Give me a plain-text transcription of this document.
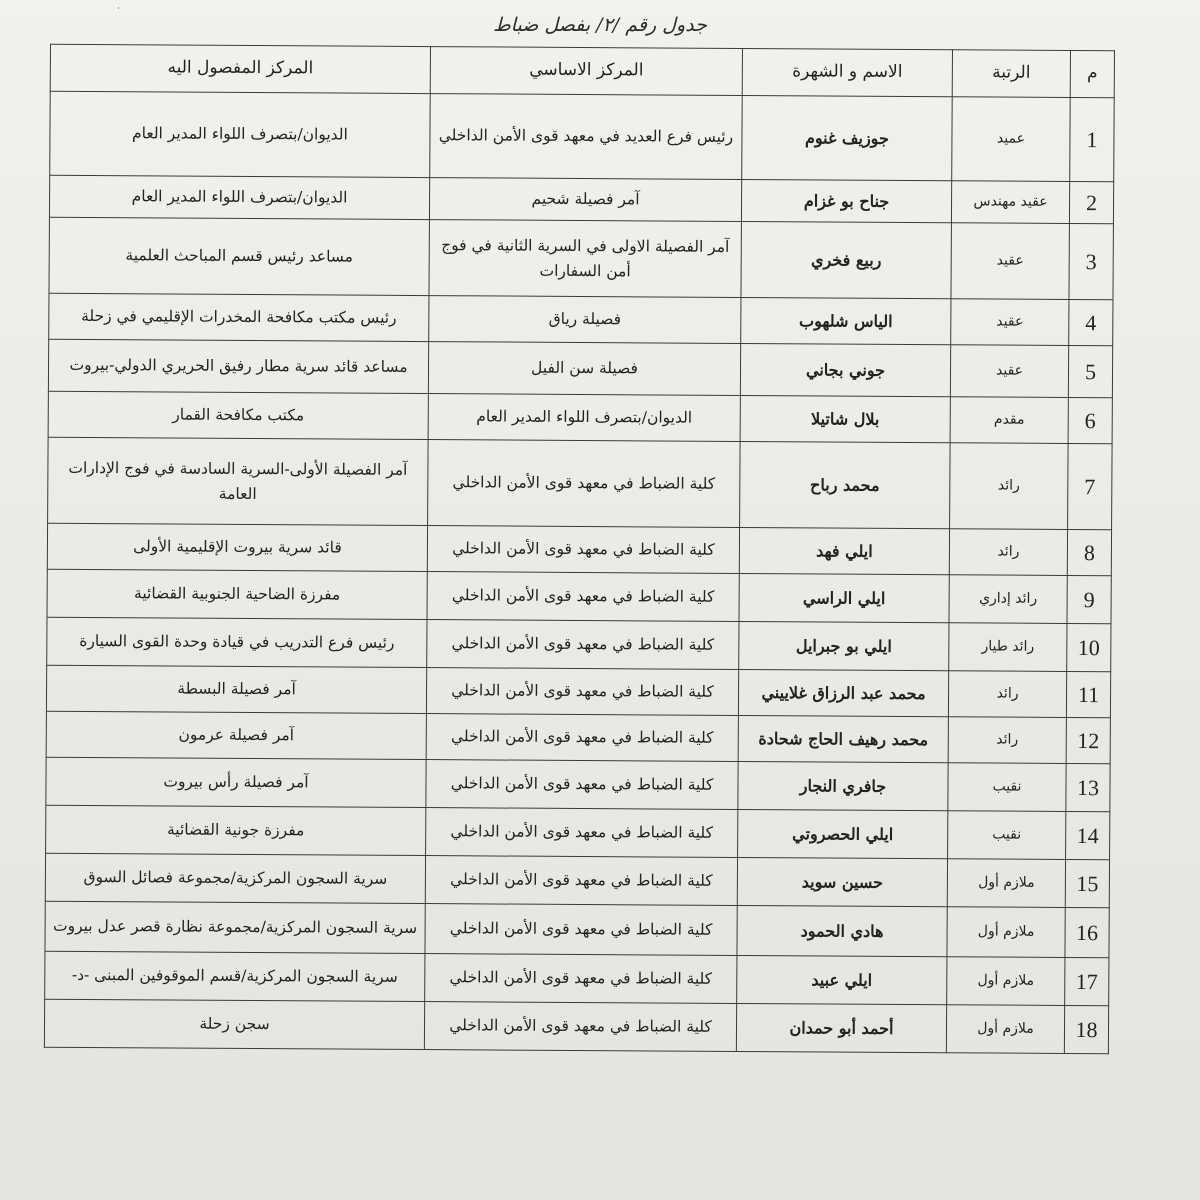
˙
جدول رقم /٢/ بفصل ضباط
م	الرتبة	الاسم و الشهرة	المركز الاساسي	المركز المفصول اليه
1	عميد	جوزيف غنوم	رئيس فرع العديد في معهد قوى الأمن الداخلي	الديوان/بتصرف اللواء المدير العام
2	عقيد مهندس	جناح بو غزام	آمر فصيلة شحيم	الديوان/بتصرف اللواء المدير العام
3	عقيد	ربيع فخري	آمر الفصيلة الاولى في السرية الثانية في فوج أمن السفارات	مساعد رئيس قسم المباحث العلمية
4	عقيد	الياس شلهوب	فصيلة رياق	رئيس مكتب مكافحة المخدرات الإقليمي في زحلة
5	عقيد	جوني بجاني	فصيلة سن الفيل	مساعد قائد سرية مطار رفيق الحريري الدولي-بيروت
6	مقدم	بلال شاتيلا	الديوان/بتصرف اللواء المدير العام	مكتب مكافحة القمار
7	رائد	محمد رباح	كلية الضباط في معهد قوى الأمن الداخلي	آمر الفصيلة الأولى-السرية السادسة في فوج الإدارات العامة
8	رائد	ايلي فهد	كلية الضباط في معهد قوى الأمن الداخلي	قائد سرية بيروت الإقليمية الأولى
9	رائد إداري	ايلي الراسي	كلية الضباط في معهد قوى الأمن الداخلي	مفرزة الضاحية الجنوبية القضائية
10	رائد طيار	ايلي بو جبرايل	كلية الضباط في معهد قوى الأمن الداخلي	رئيس فرع التدريب في قيادة وحدة القوى السيارة
11	رائد	محمد عبد الرزاق غلاييني	كلية الضباط في معهد قوى الأمن الداخلي	آمر فصيلة البسطة
12	رائد	محمد رهيف الحاج شحادة	كلية الضباط في معهد قوى الأمن الداخلي	آمر فصيلة عرمون
13	نقيب	جافري النجار	كلية الضباط في معهد قوى الأمن الداخلي	آمر فصيلة رأس بيروت
14	نقيب	ايلي الحصروتي	كلية الضباط في معهد قوى الأمن الداخلي	مفرزة جونية القضائية
15	ملازم أول	حسين سويد	كلية الضباط في معهد قوى الأمن الداخلي	سرية السجون المركزية/مجموعة فصائل السوق
16	ملازم أول	هادي الحمود	كلية الضباط في معهد قوى الأمن الداخلي	سرية السجون المركزية/مجموعة نظارة قصر عدل بيروت
17	ملازم أول	ايلي عبيد	كلية الضباط في معهد قوى الأمن الداخلي	سرية السجون المركزية/قسم الموقوفين المبنى -د-
18	ملازم أول	أحمد أبو حمدان	كلية الضباط في معهد قوى الأمن الداخلي	سجن زحلة
